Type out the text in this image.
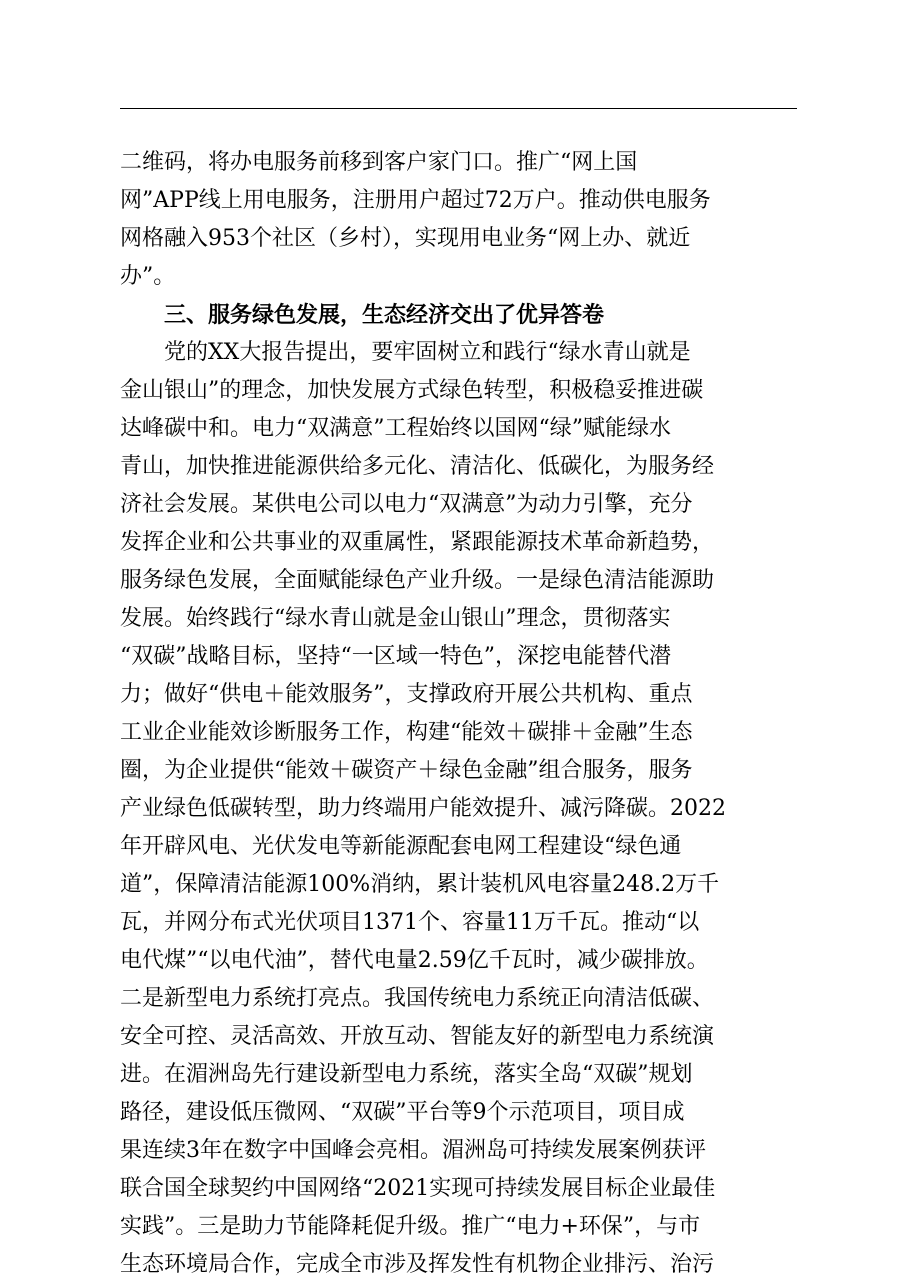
二维码，将办电服务前移到客户家门口。推广“网上国
网”APP线上用电服务，注册用户超过72万户。推动供电服务
网格融入953个社区（乡村），实现用电业务“网上办、就近
办”。
三、服务绿色发展，生态经济交出了优异答卷
　　党的XX大报告提出，要牢固树立和践行“绿水青山就是
金山银山”的理念，加快发展方式绿色转型，积极稳妥推进碳
达峰碳中和。电力“双满意”工程始终以国网“绿”赋能绿水
青山，加快推进能源供给多元化、清洁化、低碳化，为服务经
济社会发展。某供电公司以电力“双满意”为动力引擎，充分
发挥企业和公共事业的双重属性，紧跟能源技术革命新趋势，
服务绿色发展，全面赋能绿色产业升级。一是绿色清洁能源助
发展。始终践行“绿水青山就是金山银山”理念，贯彻落实
“双碳”战略目标，坚持“一区域一特色”，深挖电能替代潜
力；做好“供电＋能效服务”，支撑政府开展公共机构、重点
工业企业能效诊断服务工作，构建“能效＋碳排＋金融”生态
圈，为企业提供“能效＋碳资产＋绿色金融”组合服务，服务
产业绿色低碳转型，助力终端用户能效提升、减污降碳。2022
年开辟风电、光伏发电等新能源配套电网工程建设“绿色通
道”，保障清洁能源100%消纳，累计装机风电容量248.2万千
瓦，并网分布式光伏项目1371个、容量11万千瓦。推动“以
电代煤”“以电代油”，替代电量2.59亿千瓦时，减少碳排放。
二是新型电力系统打亮点。我国传统电力系统正向清洁低碳、
安全可控、灵活高效、开放互动、智能友好的新型电力系统演
进。在湄洲岛先行建设新型电力系统，落实全岛“双碳”规划
路径，建设低压微网、“双碳”平台等9个示范项目，项目成
果连续3年在数字中国峰会亮相。湄洲岛可持续发展案例获评
联合国全球契约中国网络“2021实现可持续发展目标企业最佳
实践”。三是助力节能降耗促升级。推广“电力+环保”，与市
生态环境局合作，完成全市涉及挥发性有机物企业排污、治污
